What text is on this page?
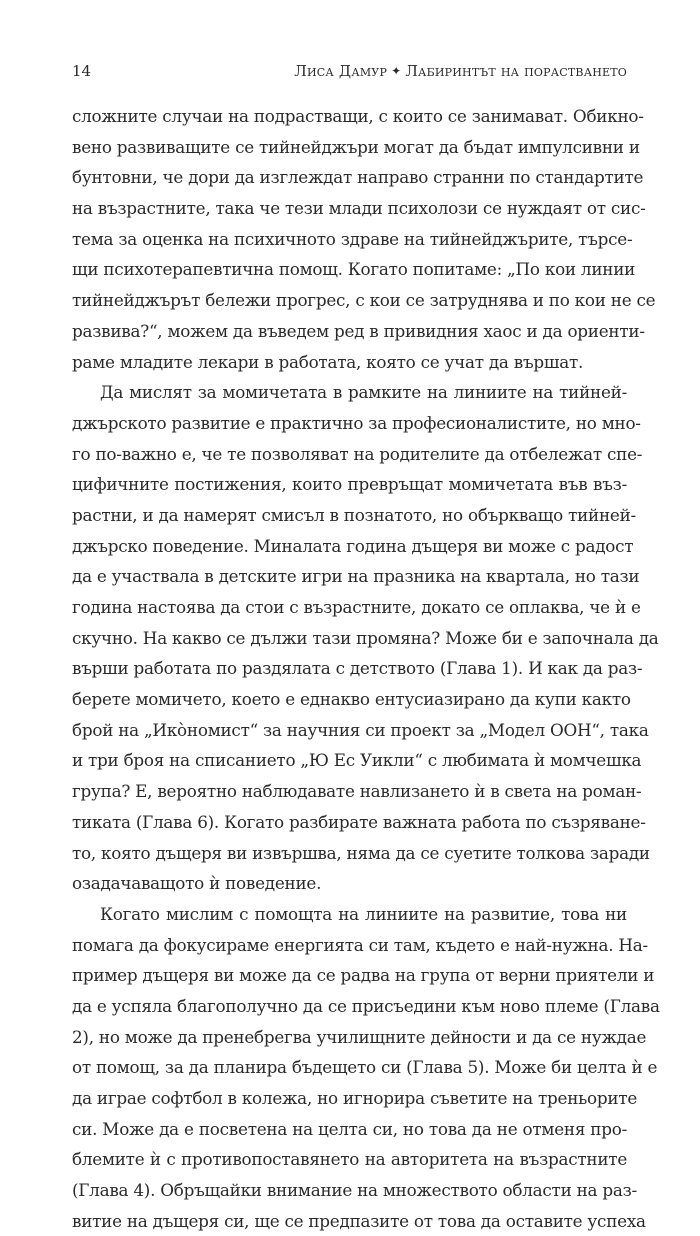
14	Лиса Дамур ✦ Лабиринтът на порастването
сложните случаи на подрастващи, с които се занимават. Обикно-
вено развиващите се тийнейджъри могат да бъдат импулсивни и
бунтовни, че дори да изглеждат направо странни по стандартите
на възрастните, така че тези млади психолози се нуждаят от сис-
тема за оценка на психичното здраве на тийнейджърите, търсе-
щи психотерапевтична помощ. Когато попитаме: „По кои линии
тийнейджърът бележи прогрес, с кои се затруднява и по кои не се
развива?“, можем да въведем ред в привидния хаос и да ориенти-
раме младите лекари в работата, която се учат да вършат.
Да мислят за момичетата в рамките на линиите на тийней-
джърското развитие е практично за професионалистите, но мно-
го по-важно е, че те позволяват на родителите да отбележат спе-
цифичните постижения, които превръщат момичетата във въз-
растни, и да намерят смисъл в познатото, но объркващо тийней-
джърско поведение. Миналата година дъщеря ви може с радост
да е участвала в детските игри на празника на квартала, но тази
година настоява да стои с възрастните, докато се оплаква, че ѝ е
скучно. На какво се дължи тази промяна? Може би е започнала да
върши работата по раздялата с детството (Глава 1). И как да раз-
берете момичето, което е еднакво ентусиазирано да купи както
брой на „Икòномист“ за научния си проект за „Модел ООН“, така
и три броя на списанието „Ю Ес Уикли“ с любимата ѝ момчешка
група? Е, вероятно наблюдавате навлизането ѝ в света на роман-
тиката (Глава 6). Когато разбирате важната работа по съзряване-
то, която дъщеря ви извършва, няма да се суетите толкова заради
озадачаващото ѝ поведение.
Когато мислим с помощта на линиите на развитие, това ни
помага да фокусираме енергията си там, където е най-нужна. На-
пример дъщеря ви може да се радва на група от верни приятели и
да е успяла благополучно да се присъедини към ново племе (Глава
2), но може да пренебрегва училищните дейности и да се нуждае
от помощ, за да планира бъдещето си (Глава 5). Може би целта ѝ е
да играе софтбол в колежа, но игнорира съветите на треньорите
си. Може да е посветена на целта си, но това да не отменя про-
блемите ѝ с противопоставянето на авторитета на възрастните
(Глава 4). Обръщайки внимание на множеството области на раз-
витие на дъщеря си, ще се предпазите от това да оставите успеха
